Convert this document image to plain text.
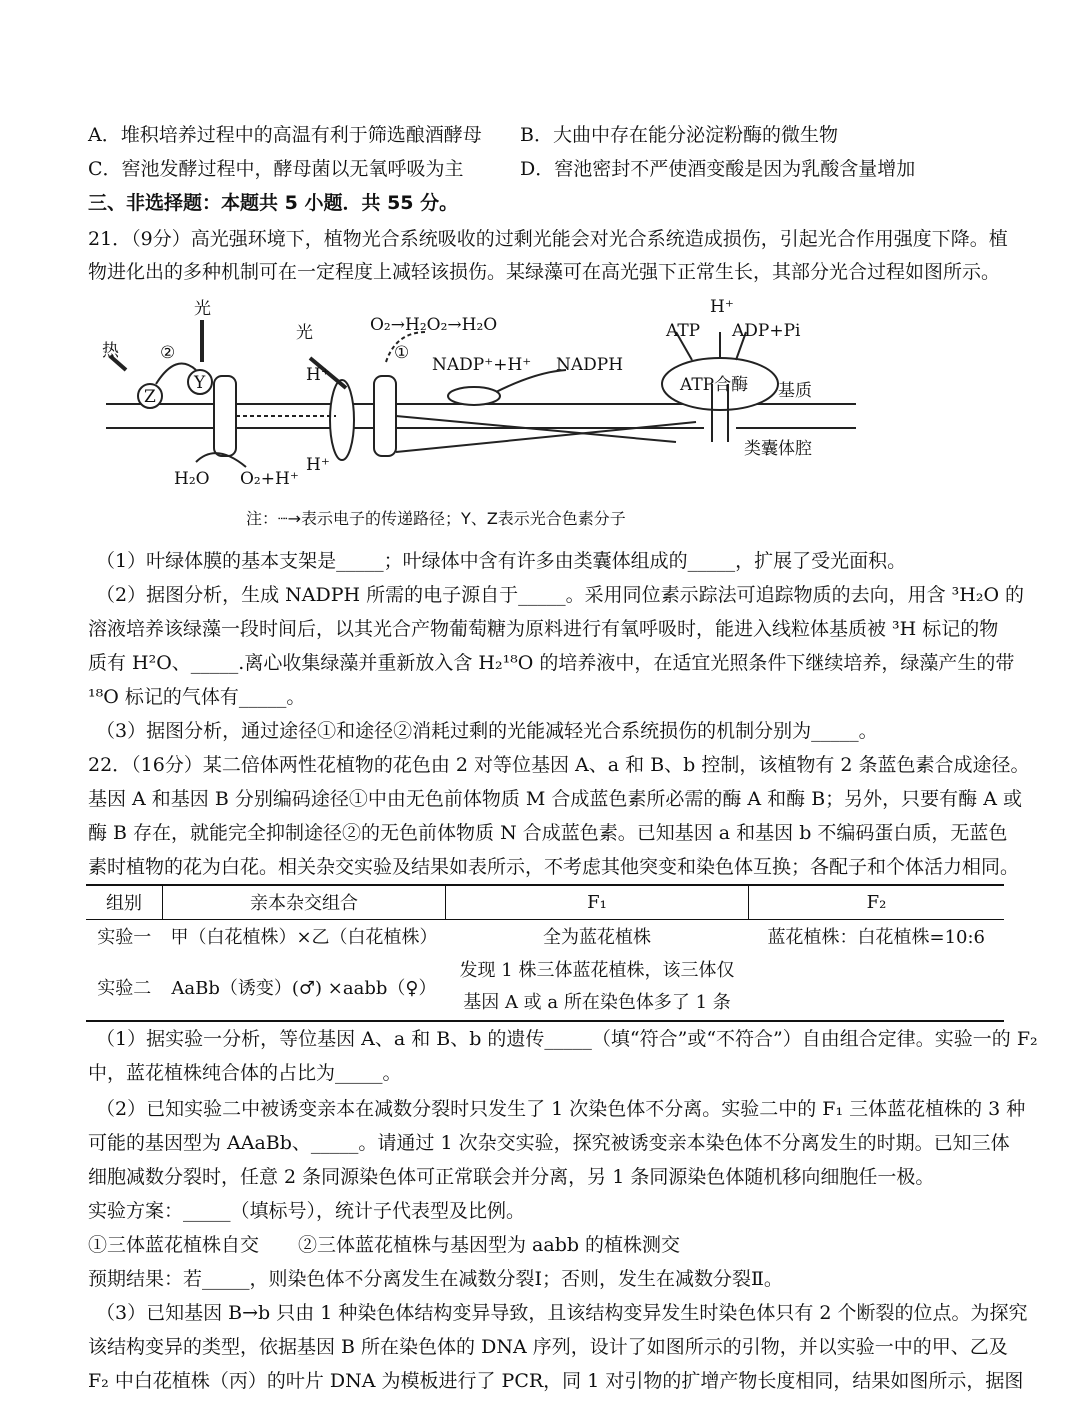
A．堆积培养过程中的高温有利于筛选酿酒酵母 B．大曲中存在能分泌淀粉酶的微生物
C．窖池发酵过程中，酵母菌以无氧呼吸为主	D．窖池密封不严使酒变酸是因为乳酸含量增加
三、非选择题：本题共 5 小题．共 55 分。
21．（9分）高光强环境下，植物光合系统吸收的过剩光能会对光合系统造成损伤，引起光合作用强度下降。植
物进化出的多种机制可在一定程度上减轻该损伤。某绿藻可在高光强下正常生长，其部分光合过程如图所示。
热
光
光
②	①
Z
Y
O₂→H₂O₂→H₂O
NADP⁺+H⁺ NADPH
H⁺
H⁺
H⁺
ATP ADP+Pi
ATP合酶 基质
类囊体腔
H₂O O₂+H⁺
注：┈→表示电子的传递路径；Y、Z表示光合色素分子
（1）叶绿体膜的基本支架是_____；叶绿体中含有许多由类囊体组成的_____，扩展了受光面积。
（2）据图分析，生成 NADPH 所需的电子源自于_____。采用同位素示踪法可追踪物质的去向，用含 ³H₂O 的
溶液培养该绿藻一段时间后，以其光合产物葡萄糖为原料进行有氧呼吸时，能进入线粒体基质被 ³H 标记的物
质有 H²O、_____.离心收集绿藻并重新放入含 H₂¹⁸O 的培养液中，在适宜光照条件下继续培养，绿藻产生的带
¹⁸O 标记的气体有_____。
（3）据图分析，通过途径①和途径②消耗过剩的光能减轻光合系统损伤的机制分别为_____。
22．（16分）某二倍体两性花植物的花色由 2 对等位基因 A、a 和 B、b 控制，该植物有 2 条蓝色素合成途径。
基因 A 和基因 B 分别编码途径①中由无色前体物质 M 合成蓝色素所必需的酶 A 和酶 B；另外，只要有酶 A 或
酶 B 存在，就能完全抑制途径②的无色前体物质 N 合成蓝色素。已知基因 a 和基因 b 不编码蛋白质，无蓝色
素时植物的花为白花。相关杂交实验及结果如表所示，不考虑其他突变和染色体互换；各配子和个体活力相同。
组别	亲本杂交组合	F₁	F₂
实验一	甲（白花植株）×乙（白花植株）	全为蓝花植株	蓝花植株：白花植株=10:6
实验二	AaBb（诱变）(♂) ×aabb（♀）	发现 1 株三体蓝花植株，该三体仅基因 A 或 a 所在染色体多了 1 条	
（1）据实验一分析，等位基因 A、a 和 B、b 的遗传_____（填“符合”或“不符合”）自由组合定律。实验一的 F₂
中，蓝花植株纯合体的占比为_____。
（2）已知实验二中被诱变亲本在减数分裂时只发生了 1 次染色体不分离。实验二中的 F₁ 三体蓝花植株的 3 种
可能的基因型为 AAaBb、_____。请通过 1 次杂交实验，探究被诱变亲本染色体不分离发生的时期。已知三体
细胞减数分裂时，任意 2 条同源染色体可正常联会并分离，另 1 条同源染色体随机移向细胞任一极。
实验方案：_____（填标号），统计子代表型及比例。
①三体蓝花植株自交 ②三体蓝花植株与基因型为 aabb 的植株测交
预期结果：若_____，则染色体不分离发生在减数分裂Ⅰ；否则，发生在减数分裂Ⅱ。
（3）已知基因 B→b 只由 1 种染色体结构变异导致，且该结构变异发生时染色体只有 2 个断裂的位点。为探究
该结构变异的类型，依据基因 B 所在染色体的 DNA 序列，设计了如图所示的引物，并以实验一中的甲、乙及
F₂ 中白花植株（丙）的叶片 DNA 为模板进行了 PCR，同 1 对引物的扩增产物长度相同，结果如图所示，据图
